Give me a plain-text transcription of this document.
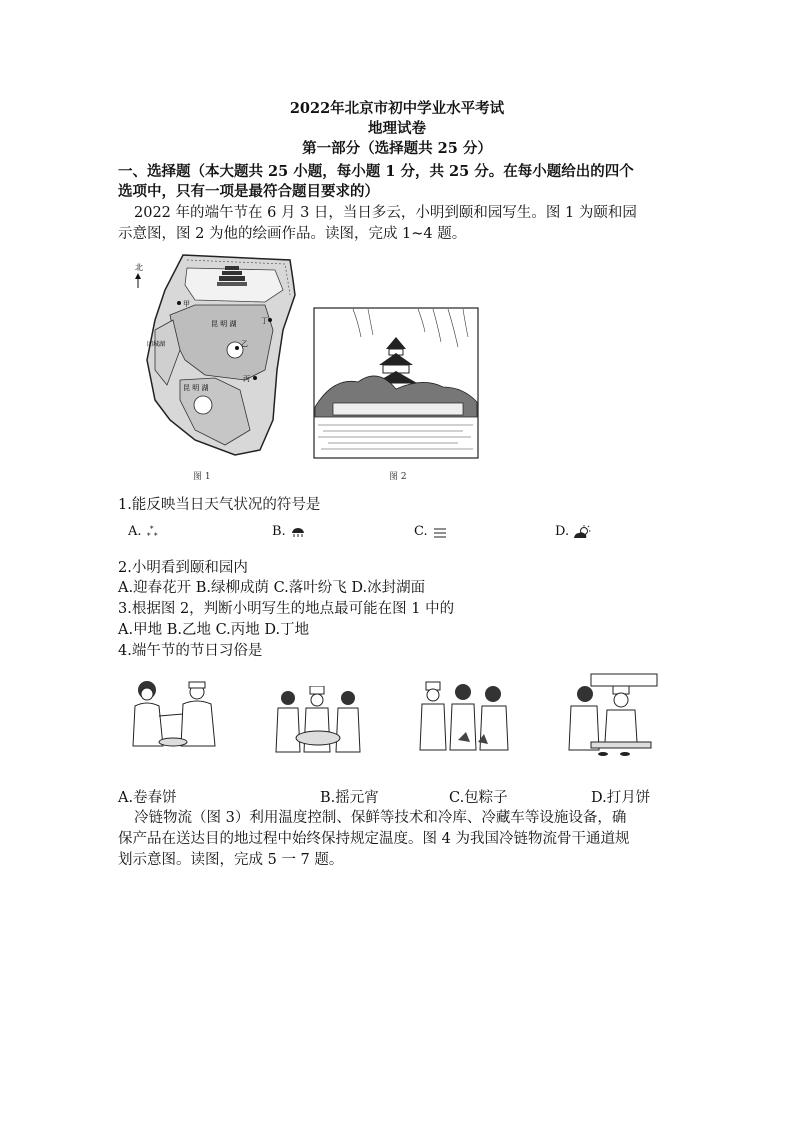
2022年北京市初中学业水平考试
地理试卷
第一部分（选择题共 25 分）
一、选择题（本大题共 25 小题，每小题 1 分，共 25 分。在每小题给出的四个
选项中，只有一项是最符合题目要求的）
2022 年的端午节在 6 月 3 日，当日多云，小明到颐和园写生。图 1 为颐和园
示意图，图 2 为他的绘画作品。读图，完成 1~4 题。
北
昆 明 湖
昆 明 湖
团城湖
甲
丁
乙
丙
图 1	图 2
1.能反映当日天气状况的符号是
A. *
* *	B.	C.	D.
2.小明看到颐和园内
A.迎春花开 B.绿柳成荫 C.落叶纷飞 D.冰封湖面
3.根据图 2，判断小明写生的地点最可能在图 1 中的
A.甲地 B.乙地 C.丙地 D.丁地
4.端午节的节日习俗是
A.卷春饼	B.摇元宵	C.包粽子	D.打月饼
冷链物流（图 3）利用温度控制、保鲜等技术和冷库、冷藏车等设施设备，确
保产品在送达目的地过程中始终保持规定温度。图 4 为我国冷链物流骨干通道规
划示意图。读图，完成 5 一 7 题。
